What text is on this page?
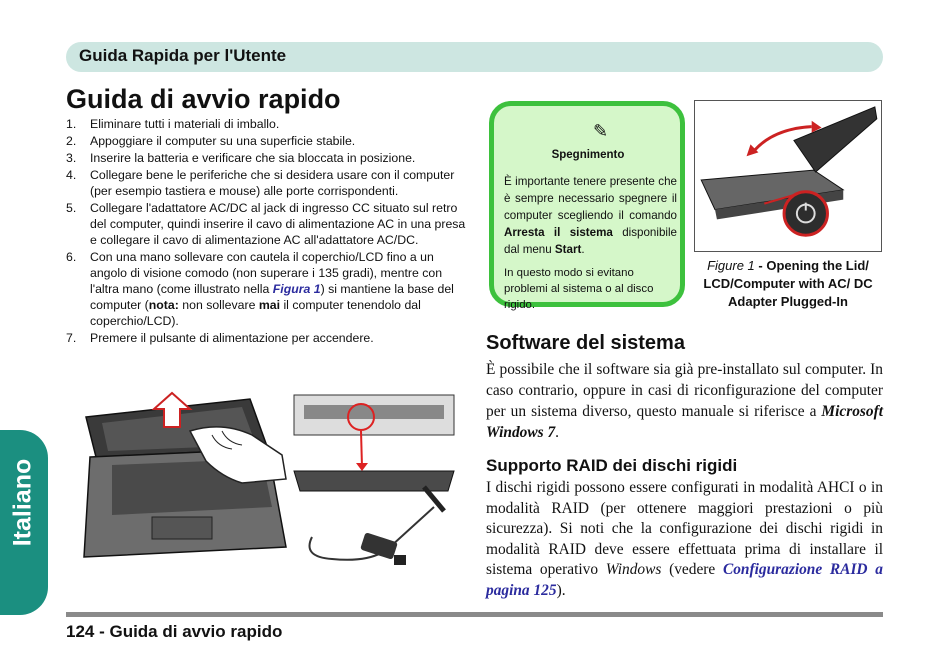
Guida Rapida per l'Utente
Italiano
Guida di avvio rapido
1. Eliminare tutti i materiali di imballo.
2. Appoggiare il computer su una superficie stabile.
3. Inserire la batteria e verificare che sia bloccata in posizione.
4. Collegare bene le periferiche che si desidera usare con il computer (per esempio tastiera e mouse) alle porte corrispondenti.
5. Collegare l'adattatore AC/DC al jack di ingresso CC situato sul retro del computer, quindi inserire il cavo di alimentazione AC in una presa e collegare il cavo di alimentazione AC all'adattatore AC/DC.
6. Con una mano sollevare con cautela il coperchio/LCD fino a un angolo di visione comodo (non superare i 135 gradi), mentre con l'altra mano (come illustrato nella Figura 1) si mantiene la base del computer (nota: non sollevare mai il computer tenendolo dal coperchio/LCD).
7. Premere il pulsante di alimentazione per accendere.
✎
Spegnimento
È importante tenere presente che è sempre necessario spegnere il computer scegliendo il comando Arresta il sistema disponibile dal menu Start.
In questo modo si evitano problemi al sistema o al disco rigido.
Figure 1 - Opening the Lid/ LCD/Computer with AC/ DC Adapter Plugged-In
Software del sistema
È possibile che il software sia già pre-installato sul computer. In caso contrario, oppure in casi di riconfigurazione del computer per un sistema diverso, questo manuale si riferisce a Microsoft Windows 7.
Supporto RAID dei dischi rigidi
I dischi rigidi possono essere configurati in modalità AHCI o in modalità RAID (per ottenere maggiori prestazioni o più sicurezza). Si noti che la configurazione dei dischi rigidi in modalità RAID deve essere effettuata prima di installare il sistema operativo Windows (vedere Configurazione RAID a pagina 125).
124 - Guida di avvio rapido
